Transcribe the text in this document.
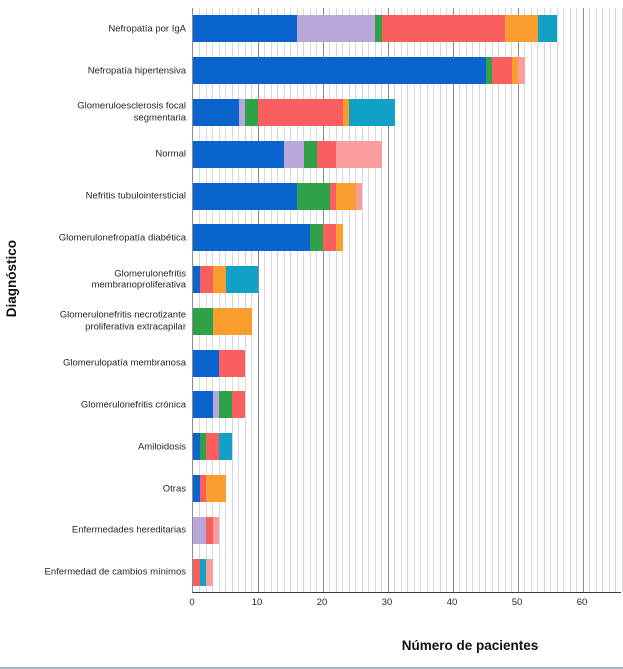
Diagnóstico
Nefropatía por IgA
Nefropatía hipertensiva
Glomeruloesclerosis focal segmentaria
Normal
Nefritis tubulointersticial
Glomerulonefropatía diabética
Glomerulonefritis membranoproliferativa
Glomerulonefritis necrotizante proliferativa extracapilar
Glomerulopatía membranosa
Glomerulonefritis crónica
Amiloidosis
Otras
Enfermedades hereditarias
Enfermedad de cambios mínimos
0	10	20	30	40	50	60
Número de pacientes
